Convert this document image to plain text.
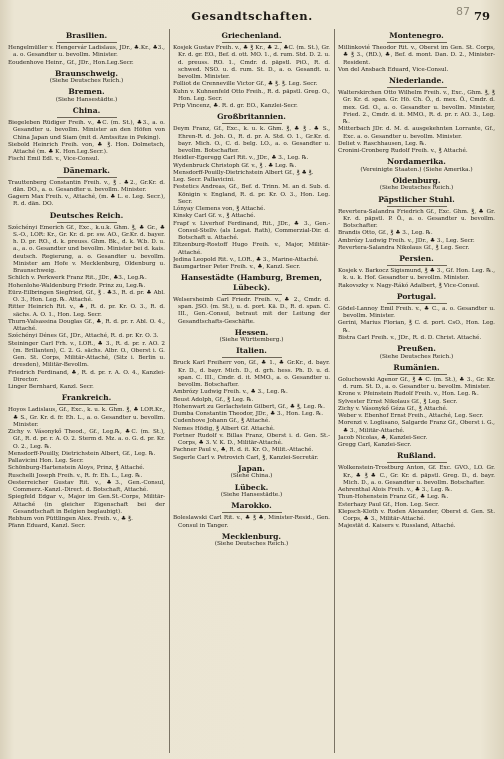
Gesandtschaften.	87 79
Brasilien.
Hengelmüller v. Hengervár Ladislaus, JDr., ♣.Kr., ♣3., a. o. Gesandter u. bevollm. Minister.
Eoudenhove Heinr., Gf., JDr., Hon.Leg.Secr.
Braunschweig.
(Siehe Deutsches Reich.)
Bremen.
(Siehe Hansestädte.)
China.
Biegeleben Rüdiger Freih. v., ♣C. (m. St.), ♣3., a. o. Gesandter u. bevollm. Minister an den Höfen von China Japan und Siam (mit d. Amtssitze in Peking).
Siebold Heinrich Freih. von, ♣ ℥. Hon. Dolmetsch, Attaché (m. ♣ K. Hon.Leg.Secr.).
Fischl Emil Edl. v., Vice-Consul.
Dänemark.
Trauttenberg Constantin Freih. v., ℥ . ♣2., Gr.Kr. d. dän. DO., a. o. Gesandter u. bevollm. Minister.
Gagern Max Freih. v., Attaché, (m. ♣ L. e. Leg. Secr.), R. d. dän. DO.
Deutsches Reich.
Széchényi Emerich Gf., Exc., k.u.k. Ghm. ℥, ♣ Gr., ♣ S.-O., LOR: Kr., Gr. Kr. d. pr. sw. AO., Gr.Kr. d. bayer. h. D. pr. RO., d. k. preuss. Ghm. Bk., d. k. W.b. D. u. a., a. o. Gesandter und bevollm. Minister bei d. kais. deutsch. Regierung, a. o. Gesandter u. bevollm. Minister am Hofe v. Mecklenburg, Oldenburg u. Braunschweig.
Schilch v. Perkwerk Franz Rit., JDr., ♣3., Leg.℞.
Hohenlohe-Waldenburg Friedr. Prinz zu, Leg.℞.
Eürz-Eilbringen Siegfried, Gf., ℥ . ♣3., R. d. pr. ♣ Abl. O. 3., Hon. Leg. ℞. Attaché.
Ritter Heinrich Rit. v., ♣, R. d. pr. Kr. O. 3., R. d. sächs. A. O. 1., Hon. Leg. Secr.
Thurn-Valsassina Douglas Gf., ♣, R. d. pr. r. Abl. O. 4., Attaché.
Széchényi Dénes Gf., JDr., Attaché, R. d. pr. Kr. O. 3.
Steininger Carl Frh. v., LOR., ♣ 3., R. d. pr. r. AO. 2 (m. Brillanten), C. 2. G. sächs. Albr. O., Oberst i. G. Gen. St. Corps, Militär-Attaché, (Sitz i. Berlin u. dresden), Militär-Bevollm.
Friedrich Ferdinand, ♣, R. d. pr. r. A. O. 4., Kanzlei-Director.
Linger Bernhard, Kanzl. Secr.
Frankreich.
Hoyos Ladislaus, Gf., Exc., k. u. k. Ghm. ℥, ♣ LOR.Kr., ♣ S., Gr. Kr. d. fr. Eh. L., a. o. Gesandter u. bevollm. Minister.
Zichy v. Vásonykő Theod., Gf., Leg.℞, ♣C. (m. St.), Gf., R. d. pr. r. A. O. 2. Sterm d. Mz. a. o. G. d. pr. Kr. O. 2., Leg. ℞.
Mensdorff-Pouilly, Dietrichstein Albert, Gf., Leg. ℞.
Pallavicini Hon. Leg. Secr.
Schönburg-Hartenstein Aloys, Prinz, ℥ Attaché.
Ruschelli Joseph Freih. v., R. fr. Eh. L., Leg. ℞.
Oesterreicher Gustav Rit. v., ♣3., Gen.-Consul, Commerz.-Kanzl.-Direct. d. Botschaft, Attaché.
Spiegfeld Edgar v., Major im Gen.St.-Corps, Militär-Attaché (in gleicher Eigenschaft bei der Gesandtschaft in Belgien beglaubigt).
Rebhum von Püttlingen Alex. Freih. v., ♣ ℥.
Pfann Eduard, Kanzl. Secr.
Griechenland.
Kosjek Gustav Freih. v., ♣ ℥ Kr., ♣ 2., ♣C. (m. St.), Gr. Kr. d. gr. EO., Bef. d. ott. MO. 1., d. rum. Std. D. 2. u. d. preuss. RO. 1., Cmdr. d. päpstl. PiO., R. d. schwed. NSO. u. d. rum. St. D., a. o. Gesandt. u. bevollm. Minister.
Folliot de Crenneville Victor Gf., ♣ ℥. ℥. Leg. Secr.
Kuhn v. Kuhnenfeld Otto Freih., R. d. päpstl. Greg. O., Hon. Leg. Secr.
Prip Vincenz, ♣. R. d. gr. EO., Kanzlei-Secr.
Großbritannien.
Deym Franz, Gf., Exc., k. u. k. Ghm. ℥, ♣ ℥ . ♣ S., Ehren-R. d. Joh. O., R. d. pr. A. Std. O. 1., Gr.Kr. d. bayr. Mich. O., C. d. belg. LO., a. o. Gesandter u. bevollm. Botschafter.
Heidler-Egeregg Carl Rit. v., JDr., ♣ 3., Leg. ℞.
Wydenbruck Christoph Gf. v., ℥ . ♣ Leg. ℞.
Mensdorff-Pouilly-Dietrichstein Albert Gf., ℥ ♣ ℥.
Leg. Secr. Pallavicini.
Festetics Andreas, Gf., Bef. d. Trinn. M. an d. Sub. d. Königin v. England, R. d. pr. Kr. O. 3., Hon. Leg. Secr.
Lónyay Clemens von, ℥ Attaché.
Kinsky Carl Gf. v., ℥ Attaché.
Frapf v. Liverhof Ferdinand, Rit., JDr., ♣ 3., Gen.-Consul-Stellv. (als Legat. Rath), Commerzial-Dir. d. Botschaft u. Attaché.
Eltzenburg-Rostoff Hugo Freih. v., Major, Militär-Attaché.
Jedina Leopold Rit. v., LOR., ♣ 3., Marine-Attaché.
Baumgartner Peter Freih. v., ♣, Kanzl. Secr.
Hansestädte (Hamburg, Bremen, Lübeck).
Welsersheimb Carl Friedr. Freih. v., ♣ 2., Cmdr. d. span. JSO. (m. St.), u. d. port. Kä. D., R. d. span. C. III., Gen.-Consul, betraut mit der Leitung der Gesandtschafts-Geschäfte.
Hessen.
(Siehe Württemberg.)
Italien.
Bruck Karl Freiherr von, Gf., ♣ 1., ♣ Gr.Kr., d. bayr. Kr. D., d. bayr. Mich. D., d. grh. hess. Ph. D. u. d. span. C. III., Cmdr. d. it. MMO., a. o. Gesandter u. bevollm. Botschafter.
Ambrózy Ludwig Freih. v., ♣ 3., Leg. ℞.
Beust Adolph, Gf., ℥ Leg. ℞.
Hohenwart zu Gerlachstein Gilbert, Gf., ♣ ℥, Leg. ℞.
Dumba Constantin Theodor, JDr., ♣ 3., Hon. Leg. ℞.
Cudenhove Johann Gf., ℥ Attaché.
Nemes Hödig, ℥ Albert Gf. Attaché.
Fortner Rudolf v. Billas Franz, Oberst i. d. Gen. St.-Corps, ♣ 3. V. K. D., Militär-Attaché.
Pachner Paul v., ♣, R. d. it. Kr. O., Milit.-Attaché.
Segerle Carl v. Petrovich Carl, ℥, Kanzlei-Secretär.
Japan.
(Siehe China.)
Lübeck.
(Siehe Hansestädte.)
Marokko.
Boleslawski Carl Rit. v., ♣ ℥ ♣, Minister-Resid., Gen. Consul in Tanger.
Mecklenburg.
(Siehe Deutsches Reich.)
Montenegro.
Millinkovié Theodor Rit. v., Oberst im Gen. St. Corps, ♣ ℥ 3., (RD.), ♣, Bef. d. mont. Dan. D. 2., Minister-Resident.
Von del Ansbach Eduard, Vice-Consul.
Niederlande.
Walterskirchen Otto Wilhelm Freih. v., Exc., Ghm. ℥, ℥ Gr. Kr. d. span. Gr. Hö. Ch. Ö., d. mex. Ö., Cmdr. d. mex. Gd. O., a. o. Gesandter u. bevollm. Minister, Fried. 2., Cmdr. d. it. MMO., R. d. pr. r. AO. 3., Leg. ℞.
Mitterbach JDr. d. M. d. ausgekehnten Lorrante, Gf., Exc. a. o. Gesandter u. bevollm. Minister.
Deliet v. Raschhausen, Leg. ℞.
Cronini-Cronberg Rudolf Freih. v., ℥ Attaché.
Nordamerika.
(Vereinigte Staaten.) (Siehe Amerika.)
Oldenburg.
(Siehe Deutsches Reich.)
Päpstlicher Stuhl.
Revertera-Salandra Friedrich Gf., Exc. Ghm. ℥, ♣ Gr. Kr. d. päpstl. P. Ö., a. o. Gesandter u. bevollm. Botschafter.
Brandis Otto, Gf., ℥ ♣ 3., Leg. ℞.
Ambrózy Ludwig Freih. v., JDr., ♣ 3., Leg. Secr.
Revertera-Salandra Nikolaus Gf., ℥ Leg. Secr.
Persien.
Kosjek v. Barkocz Sigismund, ℥ ♣ 3., Gf. Hon. Leg. ℞., k. u. k. Hof. Gesandter u. bevollm. Minister.
Rakovszky v. Nagy-Rákó Adalbert, ℥ Vice-Consul.
Portugal.
Gödel-Lannoy Emil Freih. v., ♣ C., a. o. Gesandter u. bevollm. Minister.
Gerini, Marius Florian, ℥ C. d. port. CsO., Hon. Leg. ℞.
Bistra Carl Freih. v., JDr., R. d. D. Christ. Attaché.
Preußen.
(Siehe Deutsches Reich.)
Rumänien.
Goluchowski Agenor Gf., ℥ ♣ C. (m. St.), ♣ 3., Gr. Kr. d. rum. St. D., a. o. Gesandter u. bevollm. Minister.
Krone v. Pfeinstein Rudolf Freih. v., Hon. Leg. ℞.
Sylvester Ernst Nikolaus Gf., ℥ Leg. Secr.
Zichy v. Vásonykő Géza Gf., ℥ Attaché.
Weber v. Ebenhof Ernst Freih., Attaché, Leg. Secr.
Morenzi v. Loglisano, Salgarde Franz Gf., Oberst i. G., ♣ 3., Militär-Attaché.
Jacob Nicolas, ♣, Kanzlei-Secr.
Gregg Carl, Kanzlei-Secr.
Rußland.
Wolkenstein-Trostburg Anton, Gf. Exc. GVO., LO. Gr. Kr., ♣ ℥ ♣ C., Gr. Kr. d. päpstl. Greg. D., d. bayr. Mich. D., a. o. Gesandter u. bevollm. Botschafter.
Aehrenthal Alois Freih. v., ♣ 3., Leg. ℞.
Thun-Hohenstein Franz Gf., ♣ Leg. ℞.
Esterhazy Paul Gf., Hon. Leg. Secr.
Klepsch-Kloth v. Roden Alexander, Oberst d. Gen. St. Corps, ♣ 3., Militär-Attaché.
Majestät d. Kaisers v. Russland, Attaché.
